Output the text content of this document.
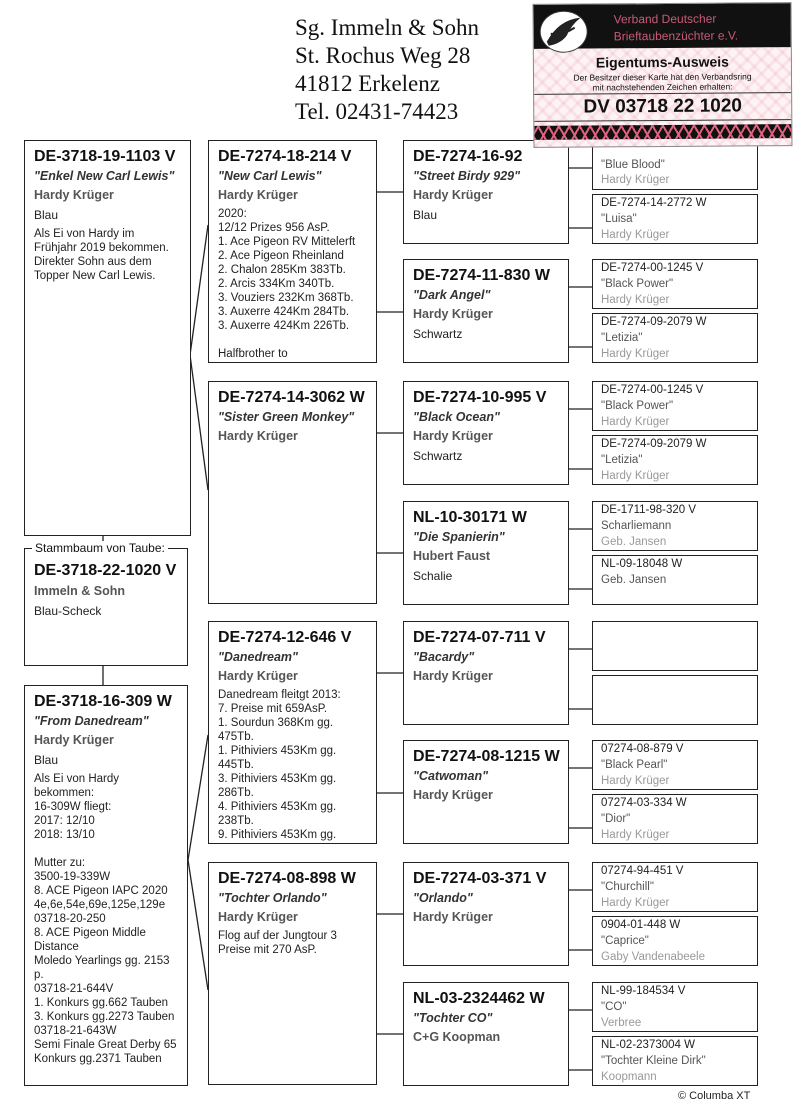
Sg. Immeln & Sohn
St. Rochus Weg 28
41812 Erkelenz
Tel. 02431-74423
Verband Deutscher
Brieftaubenzüchter e.V.
Eigentums-Ausweis
Der Besitzer dieser Karte hat den Verbandsring
mit nachstehenden Zeichen erhalten:
DV 03718 22 1020
DE-3718-19-1103 V
"Enkel New Carl Lewis"
Hardy Krüger
Blau
Als Ei von Hardy im
Frühjahr 2019 bekommen.
Direkter Sohn aus dem
Topper New Carl Lewis.
DE-3718-22-1020 V
Immeln & Sohn
Blau-Scheck
DE-3718-16-309 W
"From Danedream"
Hardy Krüger
Blau
Als Ei von Hardy
bekommen:
16-309W fliegt:
2017: 12/10
2018: 13/10

Mutter zu:
3500-19-339W
8. ACE Pigeon IAPC 2020
4e,6e,54e,69e,125e,129e
03718-20-250
8. ACE Pigeon Middle
Distance
Moledo Yearlings gg. 2153
p.
03718-21-644V
1. Konkurs gg.662 Tauben
3. Konkurs gg.2273 Tauben
03718-21-643W
Semi Finale Great Derby 65
Konkurs gg.2371 Tauben
DE-7274-18-214 V
"New Carl Lewis"
Hardy Krüger
2020:
12/12 Prizes 956 AsP.
1. Ace Pigeon RV Mittelerft
2. Ace Pigeon Rheinland
2. Chalon 285Km 383Tb.
2. Arcis 334Km 340Tb.
3. Vouziers 232Km 368Tb.
3. Auxerre 424Km 284Tb.
3. Auxerre 424Km 226Tb.

Halfbrother to
DE-7274-14-3062 W
"Sister Green Monkey"
Hardy Krüger
DE-7274-12-646 V
"Danedream"
Hardy Krüger
Danedream fleitgt 2013:
7. Preise mit 659AsP.
1. Sourdun 368Km gg.
475Tb.
1. Pithiviers 453Km gg.
445Tb.
3. Pithiviers 453Km gg.
286Tb.
4. Pithiviers 453Km gg.
238Tb.
9. Pithiviers 453Km gg.
DE-7274-08-898 W
"Tochter Orlando"
Hardy Krüger
Flog auf der Jungtour 3
Preise mit 270 AsP.
DE-7274-16-92
"Street Birdy 929"
Hardy Krüger
Blau
DE-7274-11-830 W
"Dark Angel"
Hardy Krüger
Schwartz
DE-7274-10-995 V
"Black Ocean"
Hardy Krüger
Schwartz
NL-10-30171 W
"Die Spanierin"
Hubert Faust
Schalie
DE-7274-07-711 V
"Bacardy"
Hardy Krüger
DE-7274-08-1215 W
"Catwoman"
Hardy Krüger
DE-7274-03-371 V
"Orlando"
Hardy Krüger
NL-03-2324462 W
"Tochter CO"
C+G Koopman
"Blue Blood"
Hardy Krüger
DE-7274-14-2772 W
"Luisa"
Hardy Krüger
DE-7274-00-1245 V
"Black Power"
Hardy Krüger
DE-7274-09-2079 W
"Letizia"
Hardy Krüger
DE-7274-00-1245 V
"Black Power"
Hardy Krüger
DE-7274-09-2079 W
"Letizia"
Hardy Krüger
DE-1711-98-320 V
Scharliemann
Geb. Jansen
NL-09-18048 W
Geb. Jansen
07274-08-879 V
"Black Pearl"
Hardy Krüger
07274-03-334 W
"Dior"
Hardy Krüger
07274-94-451 V
"Churchill"
Hardy Krüger
0904-01-448 W
"Caprice"
Gaby Vandenabeele
NL-99-184534 V
"CO"
Verbree
NL-02-2373004 W
"Tochter Kleine Dirk"
Koopmann
Stammbaum von Taube:
© Columba XT
